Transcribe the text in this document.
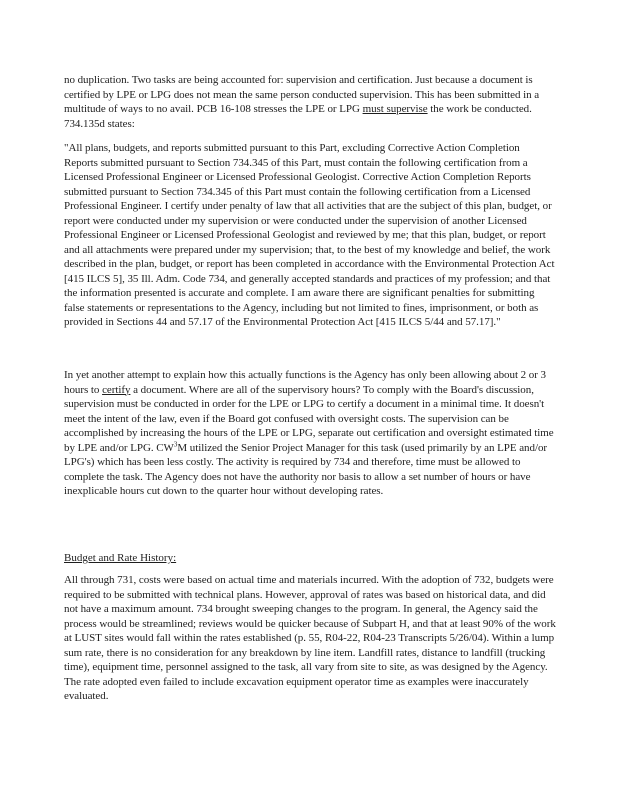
no duplication. Two tasks are being accounted for: supervision and certification. Just because a document is certified by LPE or LPG does not mean the same person conducted supervision. This has been submitted in a multitude of ways to no avail. PCB 16-108 stresses the LPE or LPG must supervise the work be conducted. 734.135d states:

"All plans, budgets, and reports submitted pursuant to this Part, excluding Corrective Action Completion Reports submitted pursuant to Section 734.345 of this Part, must contain the following certification from a Licensed Professional Engineer or Licensed Professional Geologist. Corrective Action Completion Reports submitted pursuant to Section 734.345 of this Part must contain the following certification from a Licensed Professional Engineer. I certify under penalty of law that all activities that are the subject of this plan, budget, or report were conducted under my supervision or were conducted under the supervision of another Licensed Professional Engineer or Licensed Professional Geologist and reviewed by me; that this plan, budget, or report and all attachments were prepared under my supervision; that, to the best of my knowledge and belief, the work described in the plan, budget, or report has been completed in accordance with the Environmental Protection Act [415 ILCS 5], 35 Ill. Adm. Code 734, and generally accepted standards and practices of my profession; and that the information presented is accurate and complete. I am aware there are significant penalties for submitting false statements or representations to the Agency, including but not limited to fines, imprisonment, or both as provided in Sections 44 and 57.17 of the Environmental Protection Act [415 ILCS 5/44 and 57.17]."

In yet another attempt to explain how this actually functions is the Agency has only been allowing about 2 or 3 hours to certify a document. Where are all of the supervisory hours? To comply with the Board's discussion, supervision must be conducted in order for the LPE or LPG to certify a document in a minimal time. It doesn't meet the intent of the law, even if the Board got confused with oversight costs. The supervision can be accomplished by increasing the hours of the LPE or LPG, separate out certification and oversight estimated time by LPE and/or LPG. $CW^3M$ utilized the Senior Project Manager for this task (used primarily by an LPE and/or LPG's) which has been less costly. The activity is required by 734 and therefore, time must be allowed to complete the task. The Agency does not have the authority nor basis to allow a set number of hours or have inexplicable hours cut down to the quarter hour without developing rates.

Budget and Rate History:

All through 731, costs were based on actual time and materials incurred. With the adoption of 732, budgets were required to be submitted with technical plans. However, approval of rates was based on historical data, and did not have a maximum amount. 734 brought sweeping changes to the program. In general, the Agency said the process would be streamlined; reviews would be quicker because of Subpart H, and that at least 90% of the work at LUST sites would fall within the rates established (p. 55, R04-22, R04-23 Transcripts 5/26/04). Within a lump sum rate, there is no consideration for any breakdown by line item. Landfill rates, distance to landfill (trucking time), equipment time, personnel assigned to the task, all vary from site to site, as was designed by the Agency. The rate adopted even failed to include excavation equipment operator time as examples were inaccurately evaluated.
